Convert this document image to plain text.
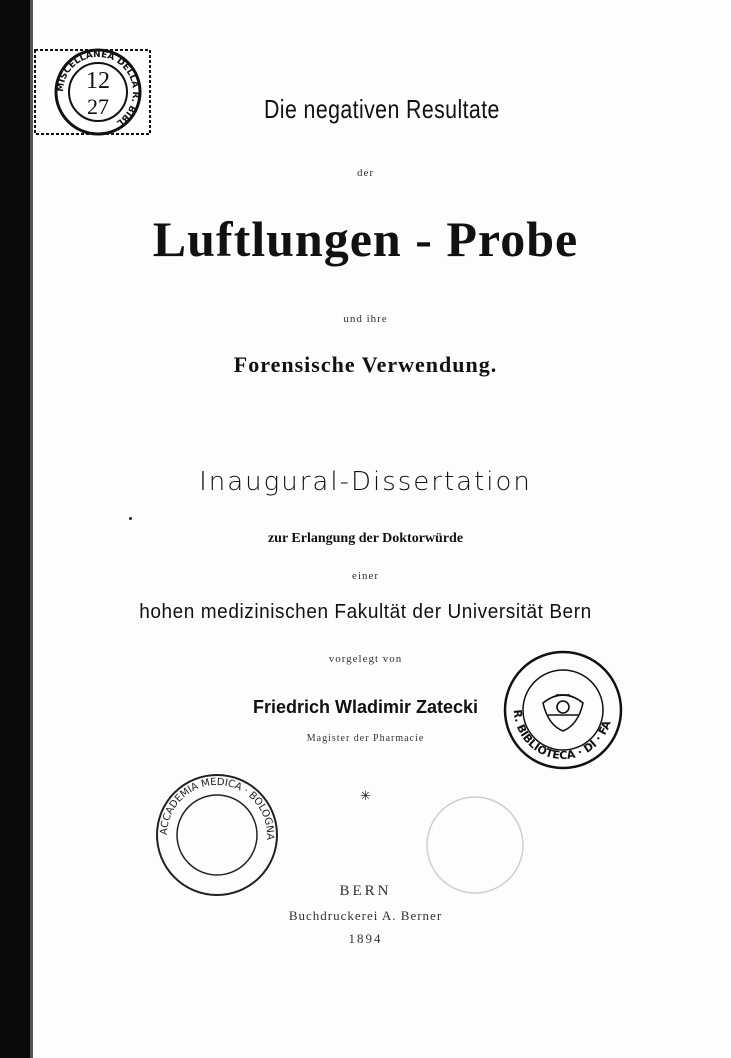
MISCELLANEA DELLA R. BIBL
12
27	Die negativen Resultate
der
Luftlungen - Probe
und ihre
Forensische Verwendung.
Inaugural-Dissertation
zur Erlangung der Doktorwürde
einer
hohen medizinischen Fakultät der Universität Bern
vorgelegt von
Friedrich Wladimir Zatecki
Magister der Pharmacie
✳
BERN
Buchdruckerei A. Berner
1894
R. BIBLIOTECA · DI · FA
ACCADEMIA MEDICA · BOLOGNA
